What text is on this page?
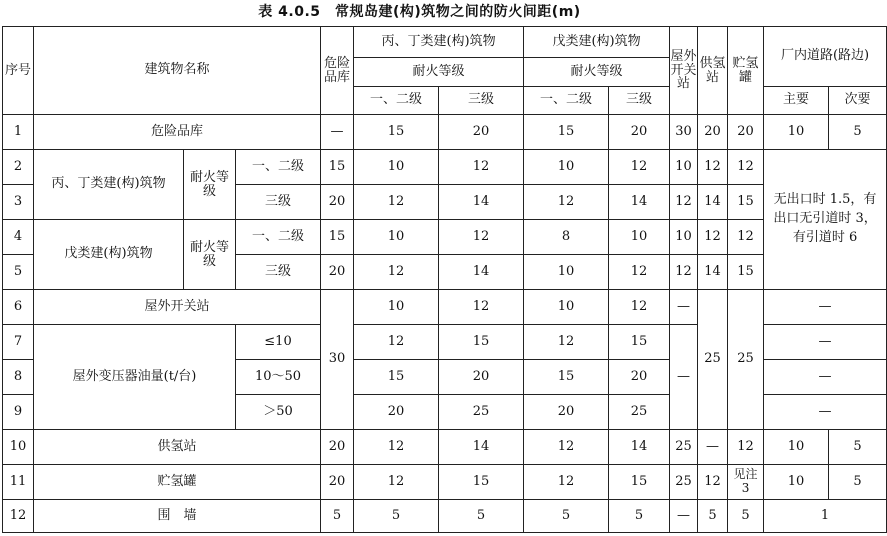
表 4.0.5　常规岛建(构)筑物之间的防火间距(m)
序号	建筑物名称			危险品库	丙、丁类建(构)筑物		戊类建(构)筑物		屋外开关站	供氢站	贮氢罐	厂内道路(路边)	
					耐火等级		耐火等级						
					一、二级	三级	一、二级	三级				主要	次要
1	危险品库			—	15	20	15	20	30	20	20	10	5
2	丙、丁类建(构)筑物	耐火等级	一、二级	15	10	12	10	12	10	12	12	无出口时 1.5，有出口无引道时 3，有引道时 6	
3			三级	20	12	14	12	14	12	14	15		
4	戊类建(构)筑物	耐火等级	一、二级	15	10	12	8	10	10	12	12		
5			三级	20	12	14	10	12	12	14	15		
6	屋外开关站			30	10	12	10	12	—	25	25	—	
7	屋外变压器油量(t/台)		≤10		12	15	12	15	—			—	
8			10～50		15	20	15	20				—	
9			＞50		20	25	20	25				—	
10	供氢站			20	12	14	12	14	25	—	12	10	5
11	贮氢罐			20	12	15	12	15	25	12	见注 3	10	5
12	围　墙			5	5	5	5	5	—	5	5	1	
